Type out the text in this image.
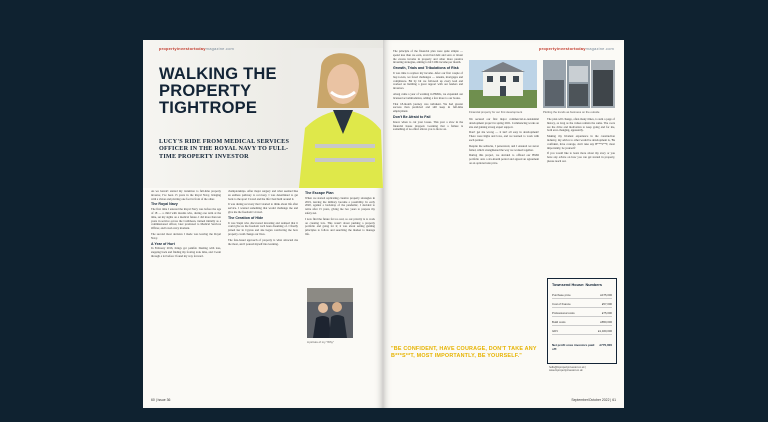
propertyinvestortodaymagazine.com
WALKING THE PROPERTY TIGHTROPE

LUCY'S RIDE FROM MEDICAL SERVICES OFFICER IN THE ROYAL NAVY TO FULL-TIME PROPERTY INVESTOR

As we haven't started my transition to full-time property investor, I've been 15 years in the Royal Navy, bringing with a vision and plotting one foot in front of the other.

The Royal Navy

The first time I entered the Royal Navy was before the age of 18 — a child with dreams who, during one term at the time, set my sights on a medical future. I did more than ten years in service across the Caribbean, trained initially as a commissioned officer, later promoted to Medical Services Officer, and loved every moment.

The second most decision I made was leaving the Royal Navy.

A Year of Hurt

In February 2016, things got painful. Dealing with loss, stepping back and finding my footing took time, and I went through a lot before I found my way forward.

championships. After major surgery and what seemed like an endless pathway to recovery, I was determined to get back to the sport I loved and the life I had built around it.

It was during recovery that I started to think about life after service. I wanted something that would challenge me and give me the freedom I craved.

The Creation of Hide

It was Steph who discovered investing and realised that it could give us the freedom we'd been dreaming of. I finally joined her in Cyprus and she began convincing me how property could change our lives.

The fate-based approach of property is what attracted me the most, and I poured myself into learning.

The Escape Plan

When we started replicating creative property strategies in 2019, leaving the military became a possibility. In early 2020, against a backdrop of the pandemic, I decided to retire after 15 years, giving me two years to prepare my safety net.

I now find the future far too real, so our priority is to work on creating lots. This wasn't about pushing a property portfolio and going for it; it was about setting guiding principles to follow and searching the market to manage life.

A picture of my "Why"
60 | Issue 36
propertyinvestortodaymagazine.com

The principle of the financial plan were quite simple — spend less than we earn, avoid bad debt and save or invest the excess income in property and other more passive investing strategies, aiming to hit £10K income per month.

Growth, Trials and Tribulations of Risk

It was time to replace my income. After our first couple of buy-to-lets, we faced challenges — tenants, mortgages and compliance. Bit by bit we followed up every lead and worked on building a great rapport with our lenders and investors.

Along came a year of working in HMOs, we expanded our licensed accommodation, adding a few more to our books.

That 18-month journey was turbulent. We had greater success than predicted and still keep in full-time employment.

Don't Be Afraid to Fail

Know when to cut your losses. This year a slow in the financial house dropped. Learning that a failure is something of no effect allows you to move on.

Financial property for our first development	Plotting the trends as business on the outside

We secured our first major commercial-to-residential development project in spring 2021. Commencing works on site and gaining strong expert support.

Don't get me wrong — it isn't all easy in development! There were highs and lows, and we learned to work with each partner.

Despite the setbacks, I persevered, and I ensured we never failed, which strengthened the way we worked together.

During this project, we decided to offload our HMO portfolio onto a six-month period and agreed an agreement on an optional sale price.

The plan will change, often many times, to sum a page of history, as long as the values remain the same. The roots are the drive and motivation to keep going and for me, both ever-changing, apparently.

Making my bivalent experience in the construction industry, my advice to other would be development is, 'Be confident, have courage, don't take any B***S**T, most importantly, be yourself.'

If you would like to learn more about my story or you have any advice on how you can get started in property, please reach out.

"BE CONFIDENT, HAVE COURAGE, DON'T TAKE ANY B***S**T, MOST IMPORTANTLY, BE YOURSELF."
Townsend House: Numbers
Purchase price	£475,000
Cost of finance	£57,000
Professional costs	£75,000
Build costs	£850,000
GDV	£1,460,000
Net profit once investors paid off:
£770,000
hello@lnpropertyinvestor.co.uk | www.lnpropertyinvestor.co.uk
September/October 2022 | 61
